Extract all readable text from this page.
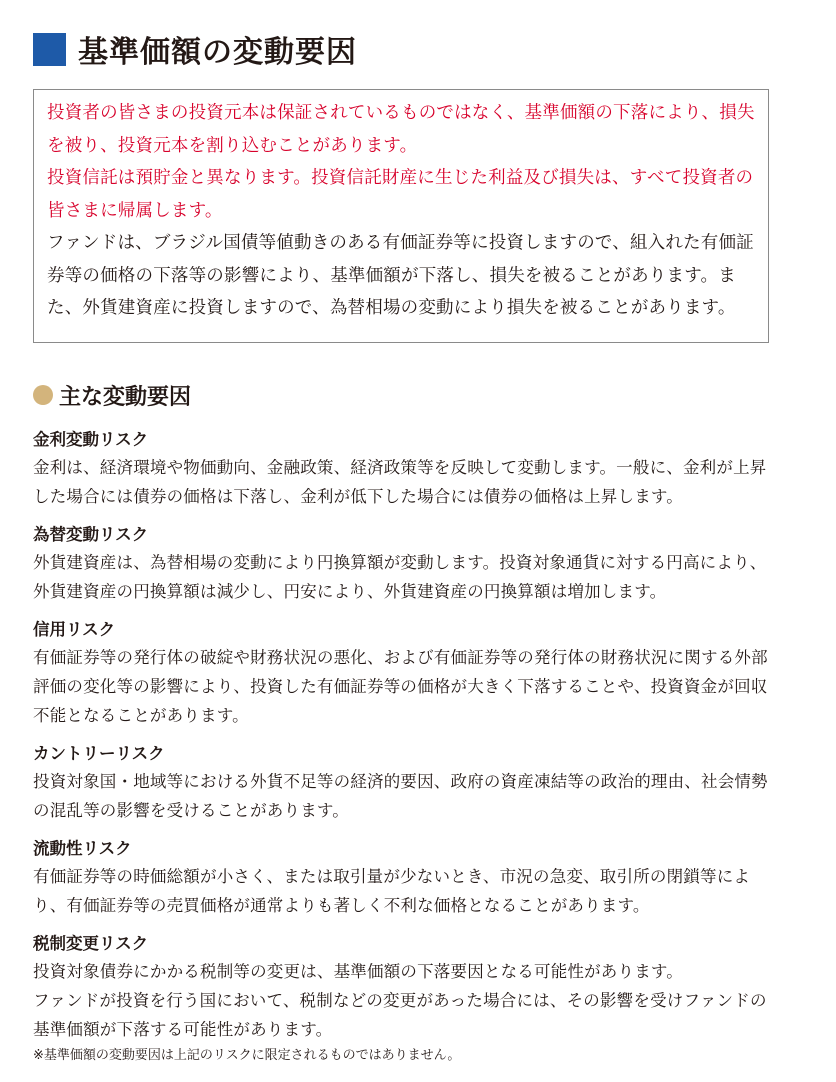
基準価額の変動要因

投資者の皆さまの投資元本は保証されているものではなく、基準価額の下落により、損失を被り、投資元本を割り込むことがあります。

投資信託は預貯金と異なります。投資信託財産に生じた利益及び損失は、すべて投資者の皆さまに帰属します。

ファンドは、ブラジル国債等値動きのある有価証券等に投資しますので、組入れた有価証券等の価格の下落等の影響により、基準価額が下落し、損失を被ることがあります。また、外貨建資産に投資しますので、為替相場の変動により損失を被ることがあります。

主な変動要因

金利変動リスク

金利は、経済環境や物価動向、金融政策、経済政策等を反映して変動します。一般に、金利が上昇した場合には債券の価格は下落し、金利が低下した場合には債券の価格は上昇します。

為替変動リスク

外貨建資産は、為替相場の変動により円換算額が変動します。投資対象通貨に対する円高により、外貨建資産の円換算額は減少し、円安により、外貨建資産の円換算額は増加します。

信用リスク

有価証券等の発行体の破綻や財務状況の悪化、および有価証券等の発行体の財務状況に関する外部評価の変化等の影響により、投資した有価証券等の価格が大きく下落することや、投資資金が回収不能となることがあります。

カントリーリスク

投資対象国・地域等における外貨不足等の経済的要因、政府の資産凍結等の政治的理由、社会情勢の混乱等の影響を受けることがあります。

流動性リスク

有価証券等の時価総額が小さく、または取引量が少ないとき、市況の急変、取引所の閉鎖等により、有価証券等の売買価格が通常よりも著しく不利な価格となることがあります。

税制変更リスク

投資対象債券にかかる税制等の変更は、基準価額の下落要因となる可能性があります。

ファンドが投資を行う国において、税制などの変更があった場合には、その影響を受けファンドの基準価額が下落する可能性があります。

※基準価額の変動要因は上記のリスクに限定されるものではありません。
